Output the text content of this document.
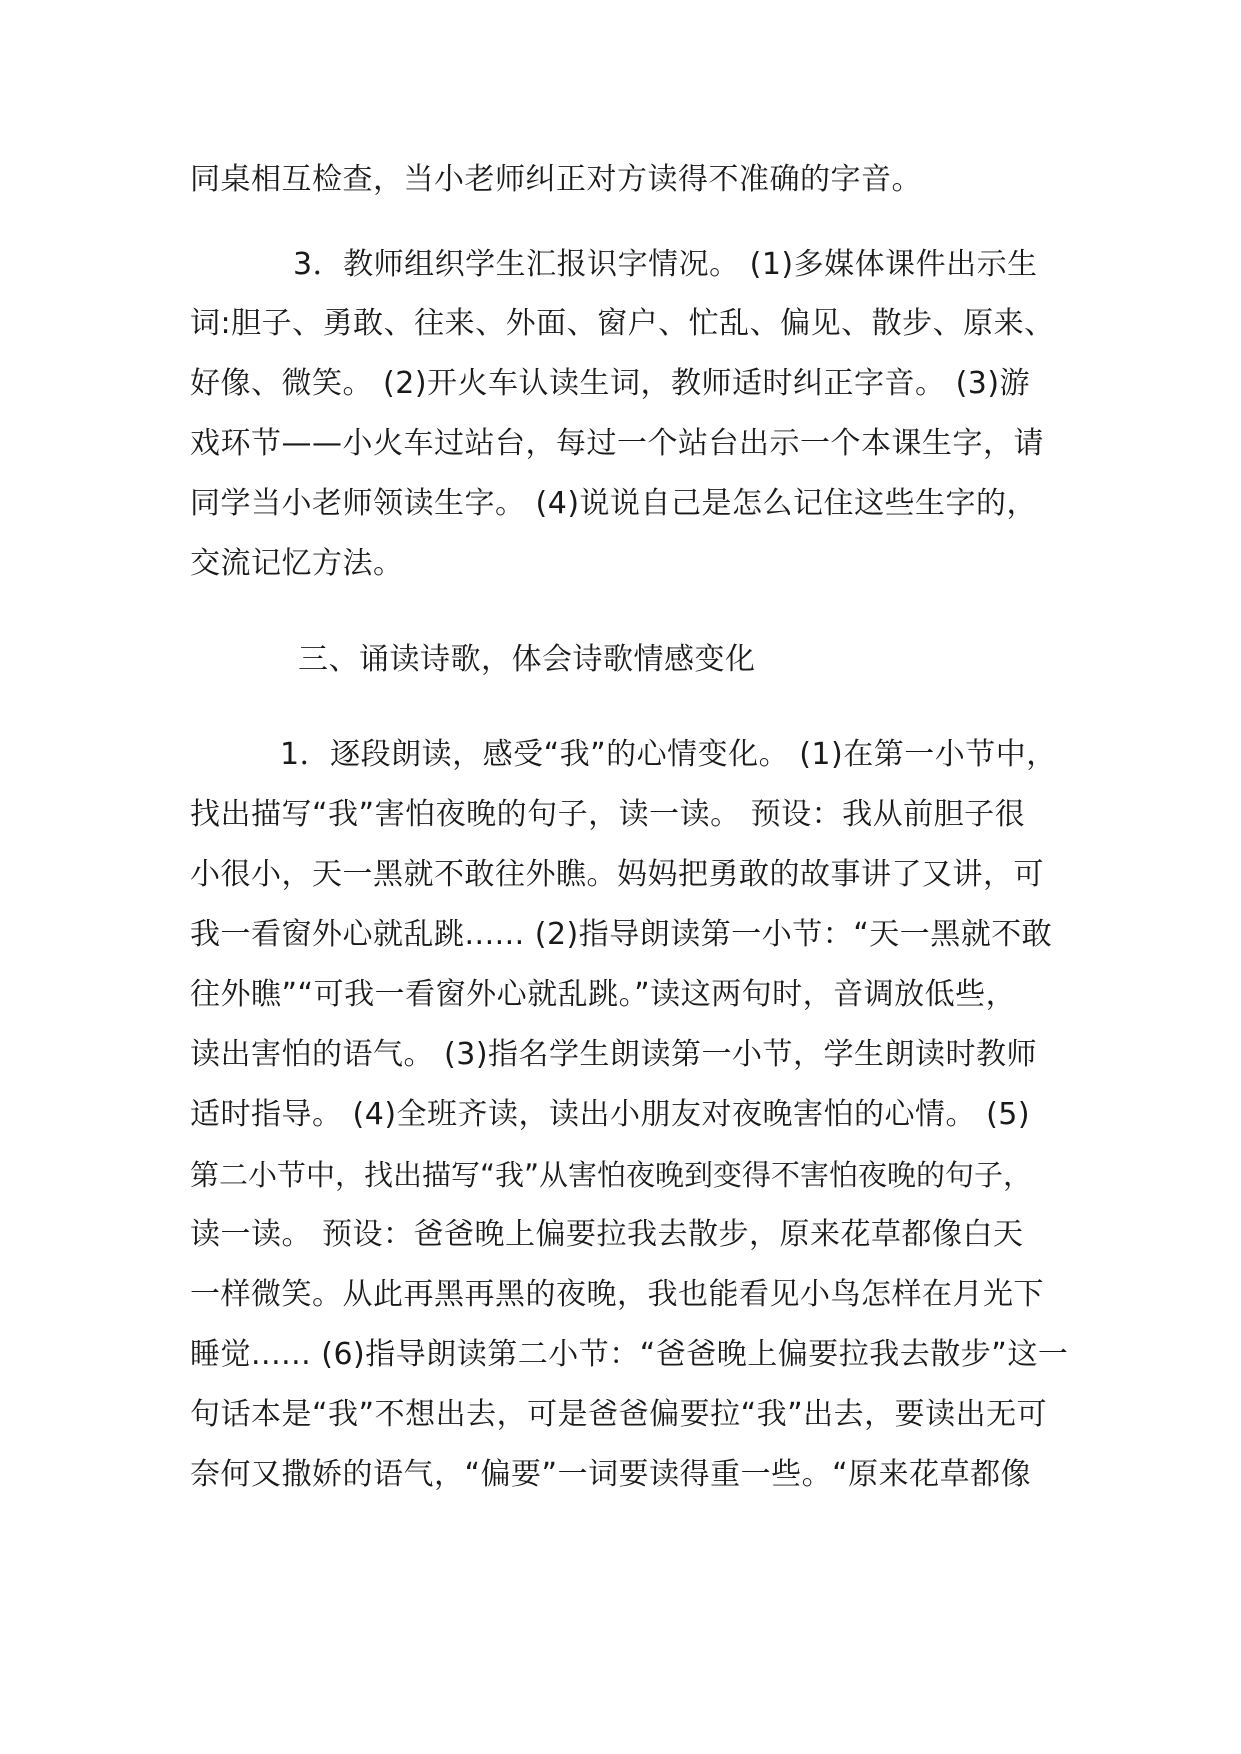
同桌相互检查，当小老师纠正对方读得不准确的字音。
3．教师组织学生汇报识字情况。 (1)多媒体课件出示生
词:胆子、勇敢、往来、外面、窗户、忙乱、偏见、散步、原来、
好像、微笑。 (2)开火车认读生词，教师适时纠正字音。 (3)游
戏环节——小火车过站台，每过一个站台出示一个本课生字，请
同学当小老师领读生字。 (4)说说自己是怎么记住这些生字的，
交流记忆方法。
三、诵读诗歌，体会诗歌情感变化
1．逐段朗读，感受“我”的心情变化。 (1)在第一小节中，
找出描写“我”害怕夜晚的句子，读一读。 预设：我从前胆子很
小很小，天一黑就不敢往外瞧。妈妈把勇敢的故事讲了又讲，可
我一看窗外心就乱跳...... (2)指导朗读第一小节：“天一黑就不敢
往外瞧”“可我一看窗外心就乱跳。”读这两句时，音调放低些，
读出害怕的语气。 (3)指名学生朗读第一小节，学生朗读时教师
适时指导。 (4)全班齐读，读出小朋友对夜晚害怕的心情。 (5)
第二小节中，找出描写“我”从害怕夜晚到变得不害怕夜晚的句子，
读一读。 预设：爸爸晚上偏要拉我去散步，原来花草都像白天
一样微笑。从此再黑再黑的夜晚，我也能看见小鸟怎样在月光下
睡觉...... (6)指导朗读第二小节：“爸爸晚上偏要拉我去散步”这一
句话本是“我”不想出去，可是爸爸偏要拉“我”出去，要读出无可
奈何又撒娇的语气，“偏要”一词要读得重一些。“原来花草都像
